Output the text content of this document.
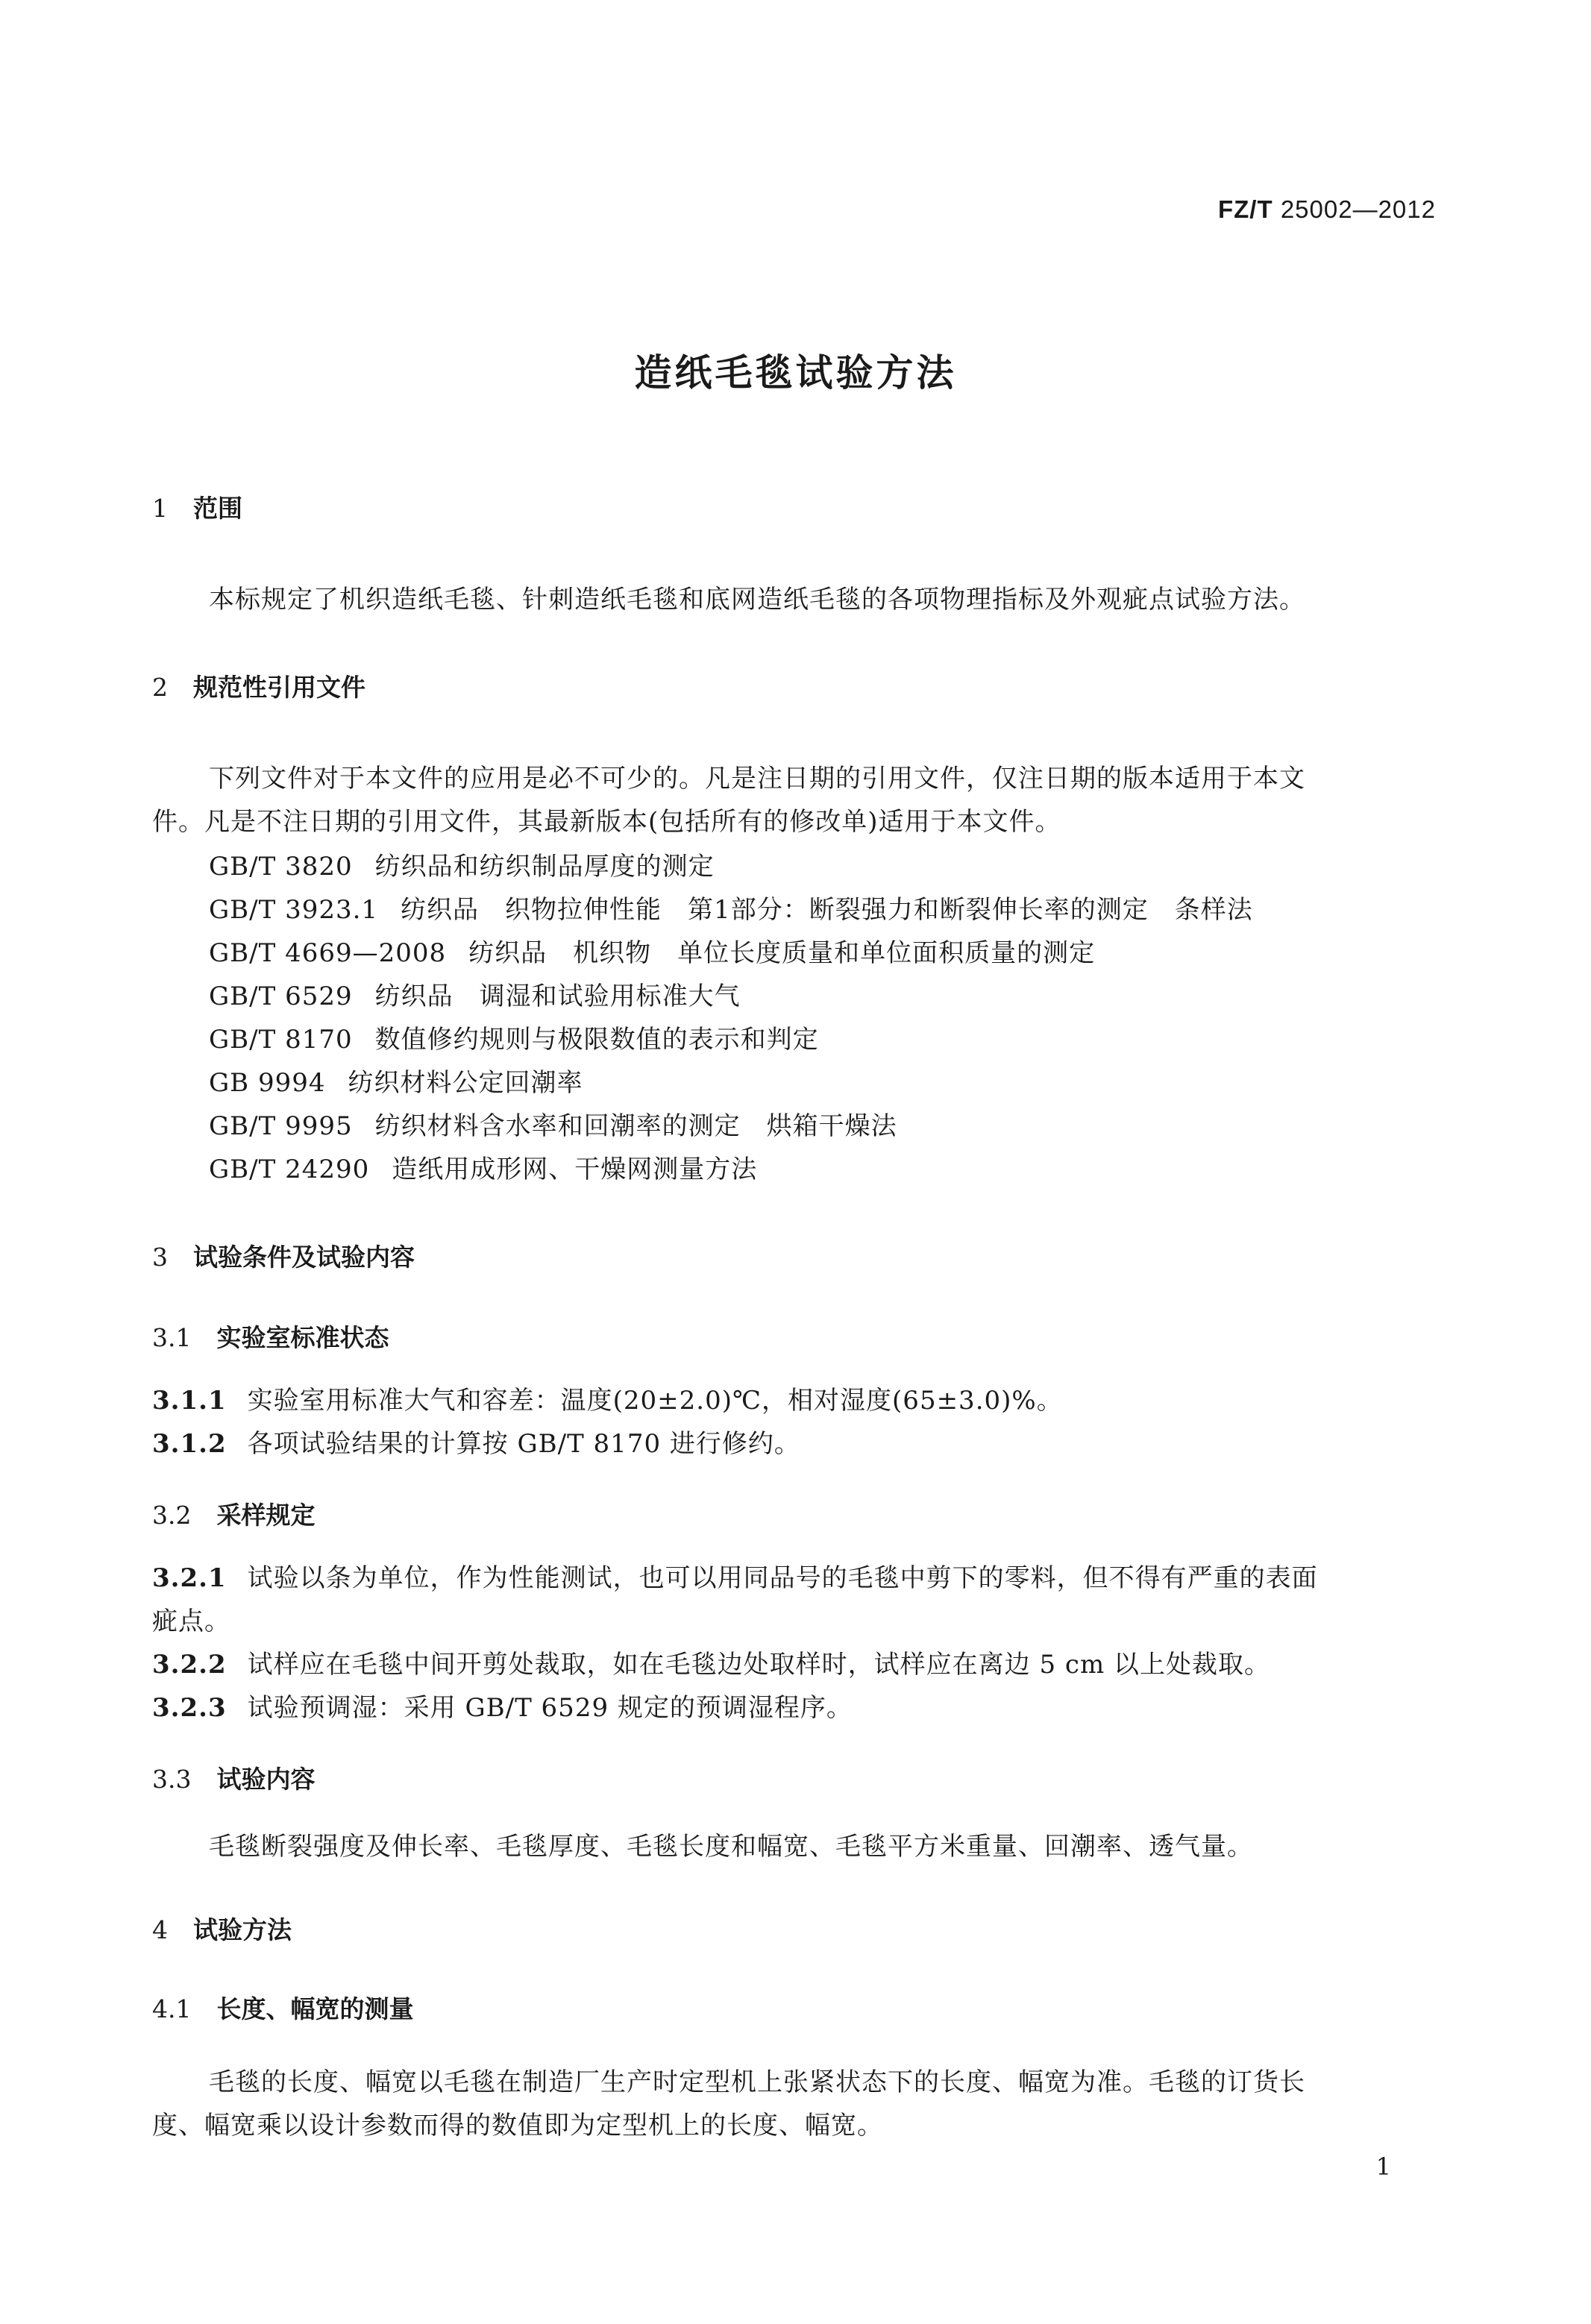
FZ/T 25002—2012
造纸毛毯试验方法
1 范围
本标规定了机织造纸毛毯、针刺造纸毛毯和底网造纸毛毯的各项物理指标及外观疵点试验方法。
2 规范性引用文件
下列文件对于本文件的应用是必不可少的。凡是注日期的引用文件，仅注日期的版本适用于本文
件。凡是不注日期的引用文件，其最新版本(包括所有的修改单)适用于本文件。
GB/T 3820 纺织品和纺织制品厚度的测定
GB/T 3923.1 纺织品　织物拉伸性能　第1部分：断裂强力和断裂伸长率的测定　条样法
GB/T 4669—2008 纺织品　机织物　单位长度质量和单位面积质量的测定
GB/T 6529 纺织品　调湿和试验用标准大气
GB/T 8170 数值修约规则与极限数值的表示和判定
GB 9994 纺织材料公定回潮率
GB/T 9995 纺织材料含水率和回潮率的测定　烘箱干燥法
GB/T 24290 造纸用成形网、干燥网测量方法
3 试验条件及试验内容
3.1 实验室标准状态
3.1.1 实验室用标准大气和容差：温度(20±2.0)℃，相对湿度(65±3.0)%。
3.1.2 各项试验结果的计算按 GB/T 8170 进行修约。
3.2 采样规定
3.2.1 试验以条为单位，作为性能测试，也可以用同品号的毛毯中剪下的零料，但不得有严重的表面
疵点。
3.2.2 试样应在毛毯中间开剪处裁取，如在毛毯边处取样时，试样应在离边 5 cm 以上处裁取。
3.2.3 试验预调湿：采用 GB/T 6529 规定的预调湿程序。
3.3 试验内容
毛毯断裂强度及伸长率、毛毯厚度、毛毯长度和幅宽、毛毯平方米重量、回潮率、透气量。
4 试验方法
4.1 长度、幅宽的测量
毛毯的长度、幅宽以毛毯在制造厂生产时定型机上张紧状态下的长度、幅宽为准。毛毯的订货长
度、幅宽乘以设计参数而得的数值即为定型机上的长度、幅宽。
1
